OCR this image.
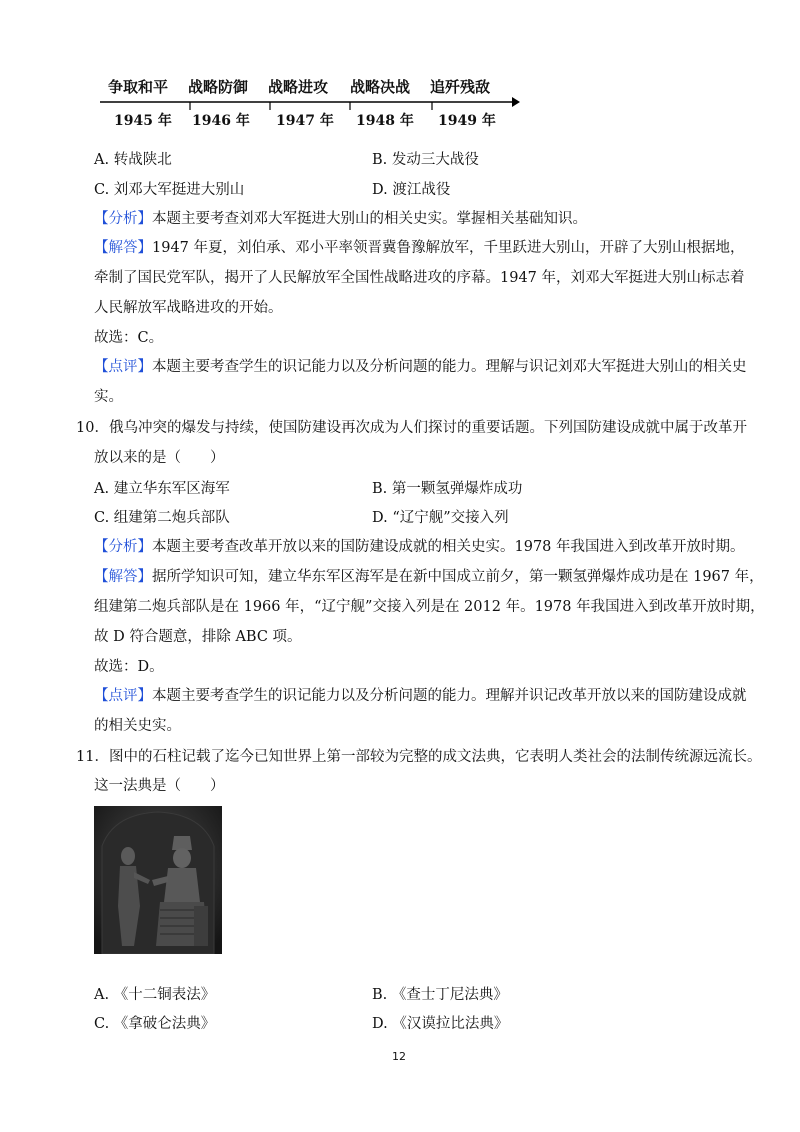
争取和平 战略防御 战略进攻 战略决战 追歼残敌
1945 年 1946 年 1947 年 1948 年 1949 年
A. 转战陕北	B. 发动三大战役
C. 刘邓大军挺进大别山	D. 渡江战役
【分析】本题主要考查刘邓大军挺进大别山的相关史实。掌握相关基础知识。
【解答】1947 年夏，刘伯承、邓小平率领晋冀鲁豫解放军，千里跃进大别山，开辟了大别山根据地，
牵制了国民党军队，揭开了人民解放军全国性战略进攻的序幕。1947 年，刘邓大军挺进大别山标志着
人民解放军战略进攻的开始。
故选：C。
【点评】本题主要考查学生的识记能力以及分析问题的能力。理解与识记刘邓大军挺进大别山的相关史
实。
10．俄乌冲突的爆发与持续，使国防建设再次成为人们探讨的重要话题。下列国防建设成就中属于改革开
放以来的是（　　）
A. 建立华东军区海军	B. 第一颗氢弹爆炸成功
C. 组建第二炮兵部队	D. “辽宁舰”交接入列
【分析】本题主要考查改革开放以来的国防建设成就的相关史实。1978 年我国进入到改革开放时期。
【解答】据所学知识可知，建立华东军区海军是在新中国成立前夕，第一颗氢弹爆炸成功是在 1967 年，
组建第二炮兵部队是在 1966 年，“辽宁舰”交接入列是在 2012 年。1978 年我国进入到改革开放时期，
故 D 符合题意，排除 ABC 项。
故选：D。
【点评】本题主要考查学生的识记能力以及分析问题的能力。理解并识记改革开放以来的国防建设成就
的相关史实。
11．图中的石柱记载了迄今已知世界上第一部较为完整的成文法典，它表明人类社会的法制传统源远流长。
这一法典是（　　）
A. 《十二铜表法》	B. 《查士丁尼法典》
C. 《拿破仑法典》	D. 《汉谟拉比法典》
12
